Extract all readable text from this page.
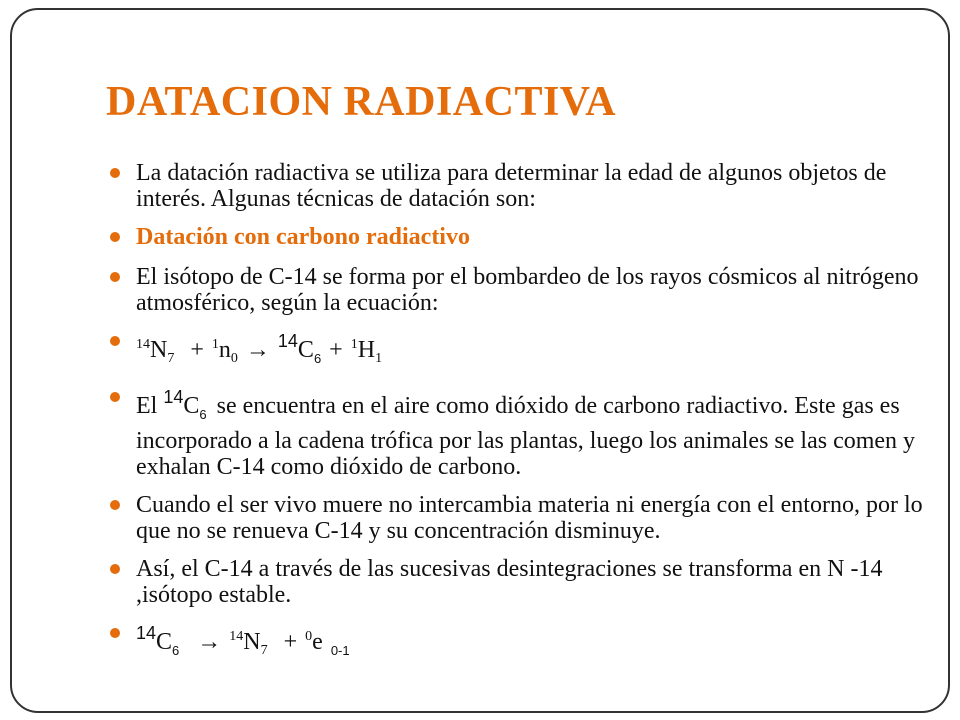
DATACION RADIACTIVA
La datación radiactiva se utiliza para determinar la edad de algunos objetos de interés. Algunas técnicas de datación son:
Datación con carbono radiactivo
El isótopo de C-14 se forma por el bombardeo de los rayos cósmicos al nitrógeno atmosférico, según la ecuación:
$^{14}N_7 + ^1n_0 \to ^{14}C_6 + ^1H_1$
El $^{14}C_6$ se encuentra en el aire como dióxido de carbono radiactivo. Este gas es incorporado a la cadena trófica por las plantas, luego los animales se las comen y exhalan C-14 como dióxido de carbono.
Cuando el ser vivo muere no intercambia materia ni energía con el entorno, por lo que no se renueva C-14 y su concentración disminuye.
Así, el C-14 a través de las sucesivas desintegraciones se transforma en N -14 ,isótopo estable.
$^{14}C_6 \to ^{14}N_7 + ^0e$ $_{0-1}$
